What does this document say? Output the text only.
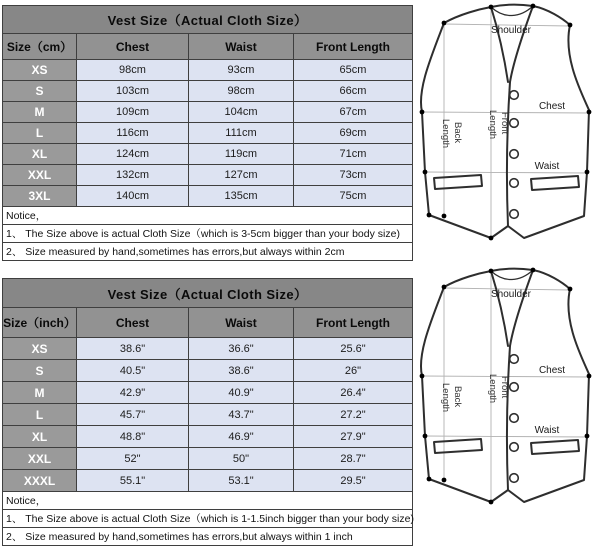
Vest Size（Actual Cloth Size）			
Size（cm）	Chest	Waist	Front Length
XS	98cm	93cm	65cm
S	103cm	98cm	66cm
M	109cm	104cm	67cm
L	116cm	111cm	69cm
XL	124cm	119cm	71cm
XXL	132cm	127cm	73cm
3XL	140cm	135cm	75cm
Notice，			
1、 The Size above is actual Cloth Size（which is 3-5cm bigger than your body size)			
2、 Size measured by hand,sometimes has errors,but always within 2cm			
Shoulder
Chest
Waist
Back
Length	Front
Length
Vest Size（Actual Cloth Size）			
Size（inch）	Chest	Waist	Front Length
XS	38.6"	36.6"	25.6"
S	40.5"	38.6"	26"
M	42.9"	40.9"	26.4"
L	45.7"	43.7"	27.2"
XL	48.8"	46.9"	27.9"
XXL	52"	50"	28.7"
XXXL	55.1"	53.1"	29.5"
Notice，			
1、 The Size above is actual Cloth Size（which is 1-1.5inch bigger than your body size)			
2、 Size measured by hand,sometimes has errors,but always within 1 inch			
Shoulder
Chest
Waist
Back
Length	Front
Length
